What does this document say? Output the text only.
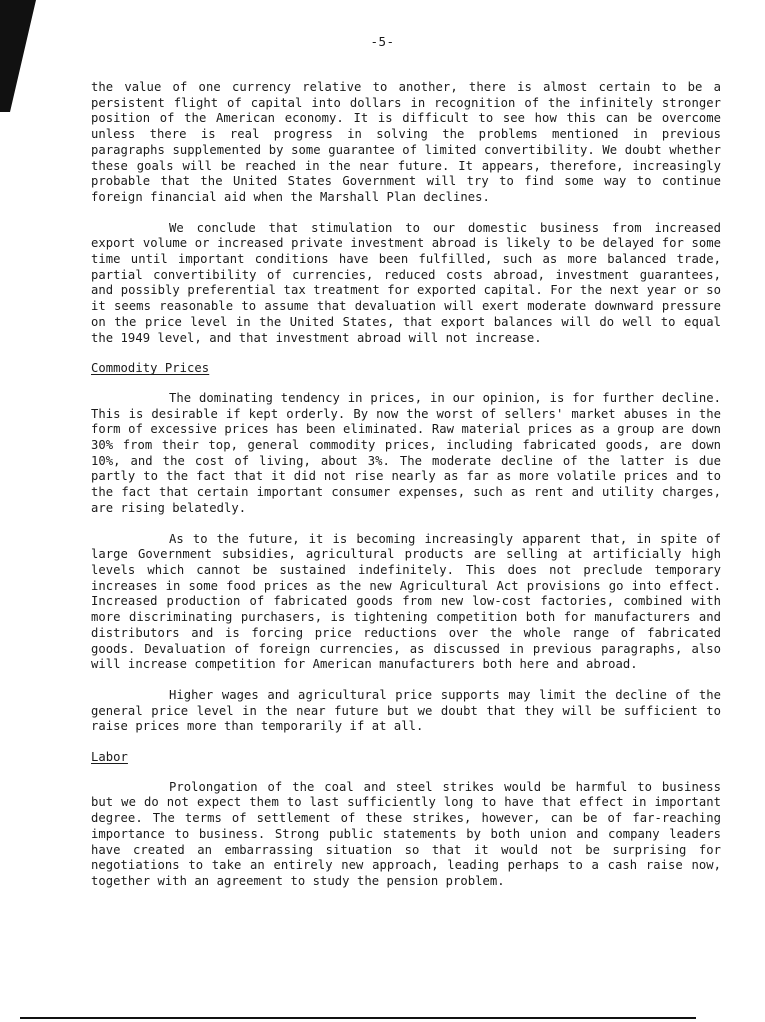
-5-

the value of one currency relative to another, there is almost certain to be a persistent flight of capital into dollars in recognition of the infinitely stronger position of the American economy. It is difficult to see how this can be overcome unless there is real progress in solving the problems mentioned in previous paragraphs supplemented by some guarantee of limited convertibility. We doubt whether these goals will be reached in the near future. It appears, therefore, increasingly probable that the United States Government will try to find some way to continue foreign financial aid when the Marshall Plan declines.

We conclude that stimulation to our domestic business from increased export volume or increased private investment abroad is likely to be delayed for some time until important conditions have been fulfilled, such as more balanced trade, partial convertibility of currencies, reduced costs abroad, investment guarantees, and possibly preferential tax treatment for exported capital. For the next year or so it seems reasonable to assume that devaluation will exert moderate downward pressure on the price level in the United States, that export balances will do well to equal the 1949 level, and that investment abroad will not increase.

Commodity Prices

The dominating tendency in prices, in our opinion, is for further decline. This is desirable if kept orderly. By now the worst of sellers' market abuses in the form of excessive prices has been eliminated. Raw material prices as a group are down 30% from their top, general commodity prices, including fabricated goods, are down 10%, and the cost of living, about 3%. The moderate decline of the latter is due partly to the fact that it did not rise nearly as far as more volatile prices and to the fact that certain important consumer expenses, such as rent and utility charges, are rising belatedly.

As to the future, it is becoming increasingly apparent that, in spite of large Government subsidies, agricultural products are selling at artificially high levels which cannot be sustained indefinitely. This does not preclude temporary increases in some food prices as the new Agricultural Act provisions go into effect. Increased production of fabricated goods from new low-cost factories, combined with more discriminating purchasers, is tightening competition both for manufacturers and distributors and is forcing price reductions over the whole range of fabricated goods. Devaluation of foreign currencies, as discussed in previous paragraphs, also will increase competition for American manufacturers both here and abroad.

Higher wages and agricultural price supports may limit the decline of the general price level in the near future but we doubt that they will be sufficient to raise prices more than temporarily if at all.

Labor

Prolongation of the coal and steel strikes would be harmful to business but we do not expect them to last sufficiently long to have that effect in important degree. The terms of settlement of these strikes, however, can be of far-reaching importance to business. Strong public statements by both union and company leaders have created an embarrassing situation so that it would not be surprising for negotiations to take an entirely new approach, leading perhaps to a cash raise now, together with an agreement to study the pension problem.
